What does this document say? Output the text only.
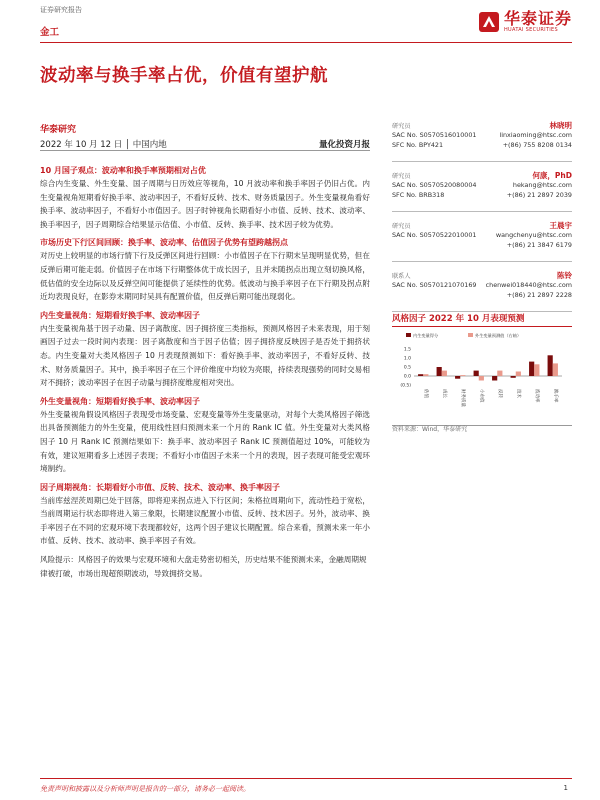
证券研究报告
金工
华泰证券
HUATAI SECURITIES
波动率与换手率占优，价值有望护航
华泰研究
2022 年 10 月 12 日 │ 中国内地	量化投资月报
10 月国子观点：波动率和换手率预期相对占优
综合内生变量、外生变量、国子周期与日历效应等视角，10 月波动率和换手率因子仍旧占优。内生变量视角短期看好换手率、波动率因子，不看好反转、技术、财务质量因子。外生变量视角看好换手率、波动率因子，不看好小市值因子。因子时钟视角长期看好小市值、反转、技术、波动率、换手率因子，因子周期综合结果显示估值、小市值、反转、换手率、技术因子较为优势。
市场历史下行区间回顾：换手率、波动率、估值因子优势有望跨越拐点
对历史上较明显的市场行情下行及反弹区间进行回顾：小市值因子在下行期末呈现明显优势，但在反弹后期可能走弱。价值因子在市场下行期整体优于成长因子，且并未随拐点出现立刻切换风格，低估值的安全边际以及反弹空间可能提供了延续性的优势。低波动与换手率因子在下行期及拐点附近均表现良好，在影券末期同时吴具有配置价值，但反弹后期可能出现弱化。
内生变量视角：短期看好换手率、波动率因子
内生变量视角基于因子动量、因子离散度、因子拥挤度三类指标，预测风格因子未来表现，用于刻画因子过去一段时间内表现：因子离散度和当于因子估值；因子拥挤度反映因子是否处于拥挤状态。内生变量对大类风格因子 10 月表现预测如下：看好换手率、波动率因子，不看好反转、技术、财务质量因子。其中，换手率因子在三个评价维度中均较为亮眼，持续表现强势的同时交易相对不拥挤；波动率因子在因子动量与拥挤度维度相对突出。
外生变量视角：短期看好换手率、波动率因子
外生变量视角假设风格因子表现受市场变量、宏观变量等外生变量驱动，对每个大类风格因子筛选出具备预测能力的外生变量，使用线性回归预测未来一个月的 Rank IC 值。外生变量对大类风格因子 10 月 Rank IC 预测结果如下：换手率、波动率因子 Rank IC 预测值超过 10%，可能较为有效，建议短期看多上述因子表现；不看好小市值因子未来一个月的表现，因子表现可能受宏观环境制约。
因子周期视角：长期看好小市值、反转、技术、波动率、换手率因子
当前库兹涅茨周期已处于回落，即将迎来拐点进入下行区间；朱格拉周期向下，流动性趋于宽松，当前周期运行状态即将进入第三象限，长期建议配置小市值、反转、技术因子。另外，波动率、换手率因子在不同的宏观环境下表现都较好，这两个因子建议长期配置。综合来看，预测未来一年小市值、反转、技术、波动率、换手率因子有效。
风险提示：风格因子的效果与宏观环境和大盘走势密切相关，历史结果不能预测未来，金融周期规律被打破，市场出现超预期波动，导致拥挤交易。
研究员	林晓明
SAC No. S0570516010001	linxiaoming@htsc.com
SFC No. BPY421	+(86) 755 8208 0134
研究员	何康，PhD
SAC No. S0570520080004	hekang@htsc.com
SFC No. BRB318	+(86) 21 2897 2039
研究员	王晨宇
SAC No. S0570522010001	wangchenyu@htsc.com
+(86) 21 3847 6179
联系人	陈铃
SAC No. S0570121070169 chenwei018440@htsc.com
+(86) 21 2897 2228
风格因子 2022 年 10 月表现预测
内生变量得分	外生变量预测值（右轴）
1.5
1.0
0.5
0.0
(0.5)
估值	成长	财务质量	小市值	反转	技术	波动率	换手率
资料来源：Wind，华泰研究
免责声明和披露以及分析师声明是报告的一部分，请务必一起阅读。	1
